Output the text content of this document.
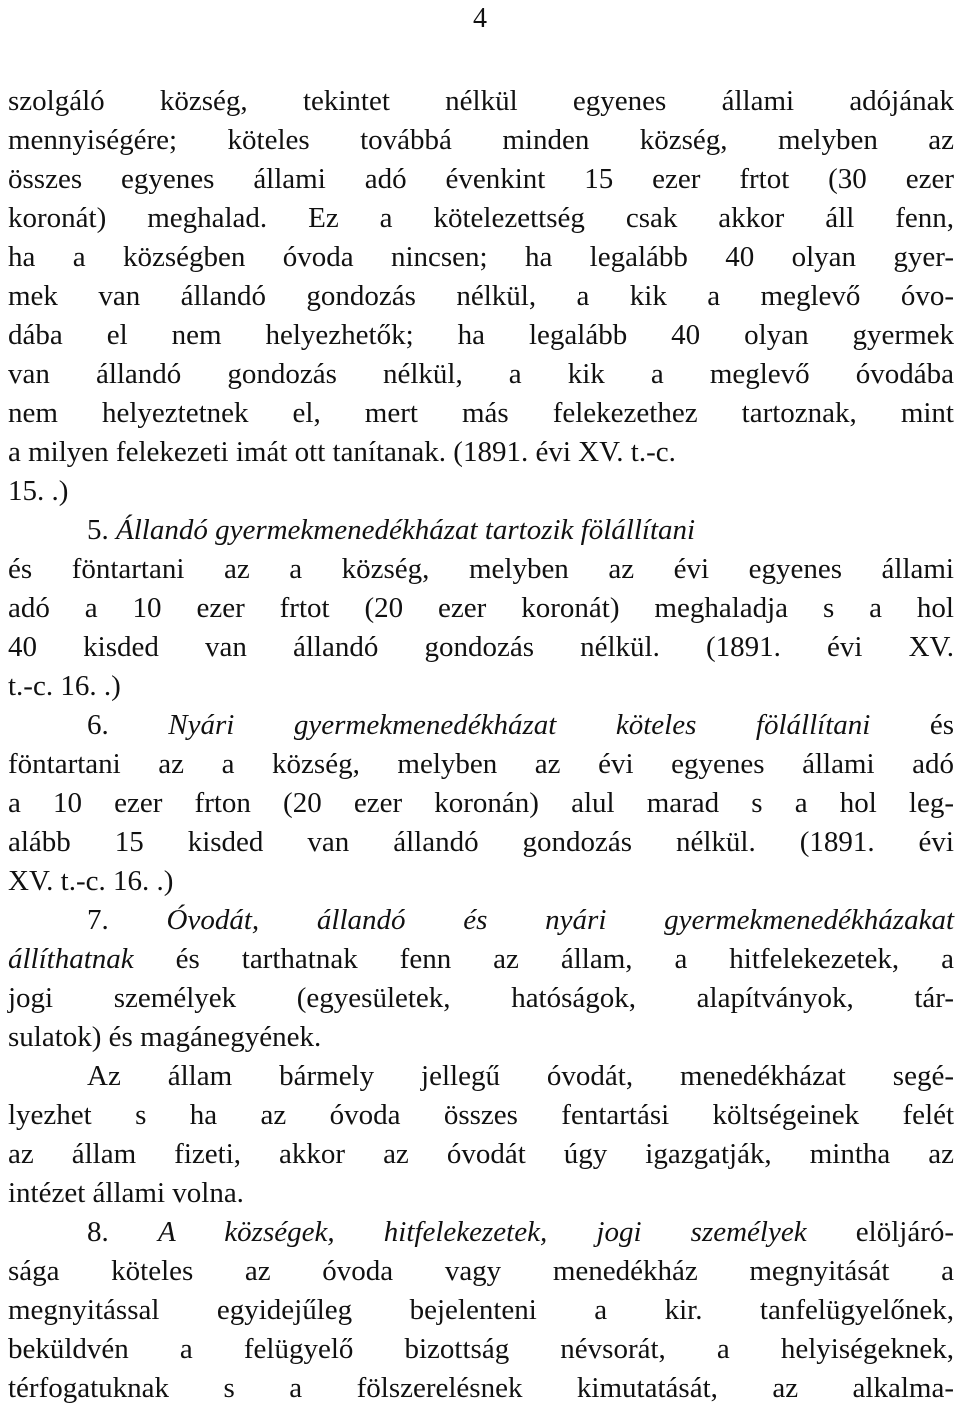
4
szolgáló község, tekintet nélkül egyenes állami adójának
mennyiségére; köteles továbbá minden község, melyben az
összes egyenes állami adó évenkint 15 ezer frtot (30 ezer
koronát) meghalad. Ez a kötelezettség csak akkor áll fenn,
ha a községben óvoda nincsen; ha legalább 40 olyan gyer-
mek van állandó gondozás nélkül, a kik a meglevő óvo-
dába el nem helyezhetők; ha legalább 40 olyan gyermek
van állandó gondozás nélkül, a kik a meglevő óvodába
nem helyeztetnek el, mert más felekezethez tartoznak, mint
a milyen felekezeti imát ott tanítanak. (1891. évi XV. t.-c.
15. .)
5. Állandó gyermekmenedékházat tartozik fölállítani
és föntartani az a község, melyben az évi egyenes állami
adó a 10 ezer frtot (20 ezer koronát) meghaladja s a hol
40 kisded van állandó gondozás nélkül. (1891. évi XV.
t.-c. 16. .)
6. Nyári gyermekmenedékházat köteles fölállítani és
föntartani az a község, melyben az évi egyenes állami adó
a 10 ezer frton (20 ezer koronán) alul marad s a hol leg-
alább 15 kisded van állandó gondozás nélkül. (1891. évi
XV. t.-c. 16. .)
7. Óvodát, állandó és nyári gyermekmenedékházakat
állíthatnak és tarthatnak fenn az állam, a hitfelekezetek, a
jogi személyek (egyesületek, hatóságok, alapítványok, tár-
sulatok) és magánegyének.
Az állam bármely jellegű óvodát, menedékházat segé-
lyezhet s ha az óvoda összes fentartási költségeinek felét
az állam fizeti, akkor az óvodát úgy igazgatják, mintha az
intézet állami volna.
8. A községek, hitfelekezetek, jogi személyek elöljáró-
sága köteles az óvoda vagy menedékház megnyitását a
megnyitással egyidejűleg bejelenteni a kir. tanfelügyelőnek,
beküldvén a felügyelő bizottság névsorát, a helyiségeknek,
térfogatuknak s a fölszerelésnek kimutatását, az alkalma-
